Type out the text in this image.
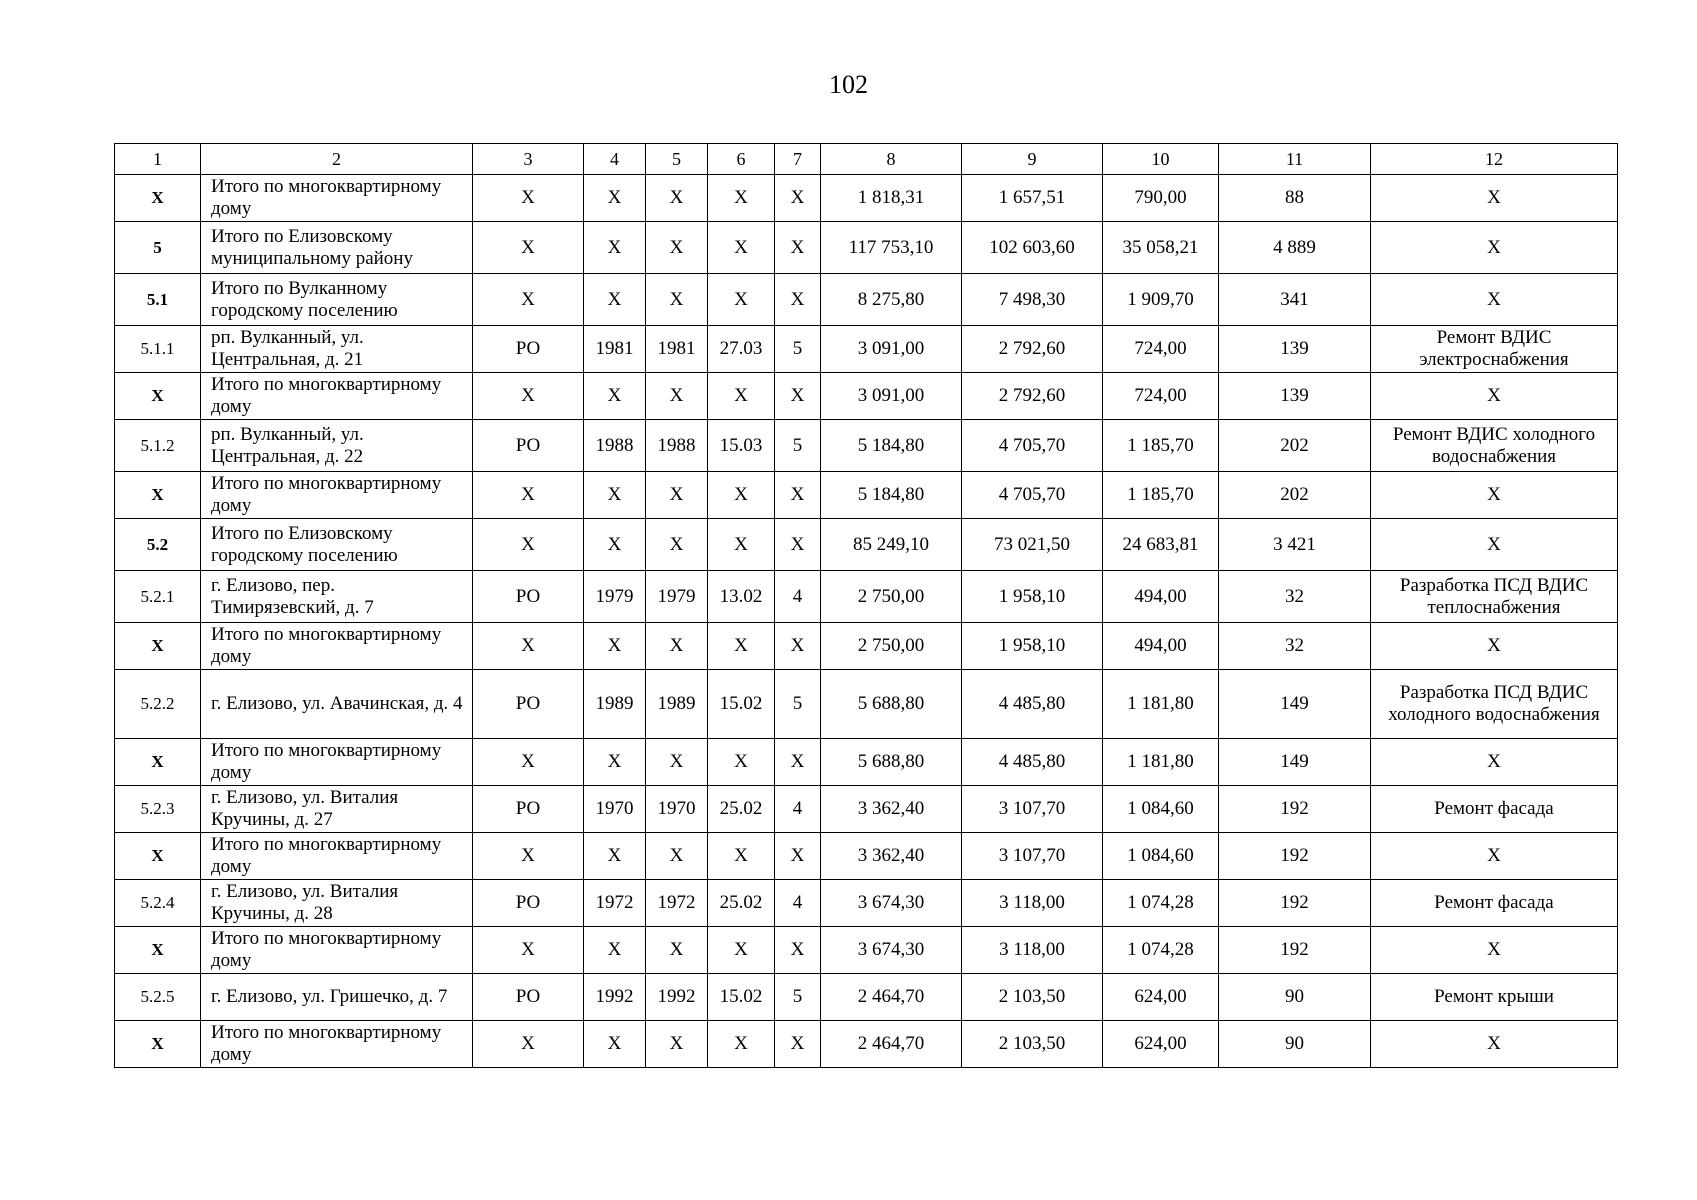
102
1	2	3	4	5	6	7	8	9	10	11	12
X	Итого по многоквартирному дому	X	X	X	X	X	1 818,31	1 657,51	790,00	88	X
5	Итого по Елизовскому муниципальному району	X	X	X	X	X	117 753,10	102 603,60	35 058,21	4 889	X
5.1	Итого по Вулканному городскому поселению	X	X	X	X	X	8 275,80	7 498,30	1 909,70	341	X
5.1.1	рп. Вулканный, ул. Центральная, д. 21	РО	1981	1981	27.03	5	3 091,00	2 792,60	724,00	139	Ремонт ВДИС электроснабжения
X	Итого по многоквартирному дому	X	X	X	X	X	3 091,00	2 792,60	724,00	139	X
5.1.2	рп. Вулканный, ул. Центральная, д. 22	РО	1988	1988	15.03	5	5 184,80	4 705,70	1 185,70	202	Ремонт ВДИС холодного водоснабжения
X	Итого по многоквартирному дому	X	X	X	X	X	5 184,80	4 705,70	1 185,70	202	X
5.2	Итого по Елизовскому городскому поселению	X	X	X	X	X	85 249,10	73 021,50	24 683,81	3 421	X
5.2.1	г. Елизово, пер. Тимирязевский, д. 7	РО	1979	1979	13.02	4	2 750,00	1 958,10	494,00	32	Разработка ПСД ВДИС теплоснабжения
X	Итого по многоквартирному дому	X	X	X	X	X	2 750,00	1 958,10	494,00	32	X
5.2.2	г. Елизово, ул. Авачинская, д. 4	РО	1989	1989	15.02	5	5 688,80	4 485,80	1 181,80	149	Разработка ПСД ВДИС холодного водоснабжения
X	Итого по многоквартирному дому	X	X	X	X	X	5 688,80	4 485,80	1 181,80	149	X
5.2.3	г. Елизово, ул. Виталия Кручины, д. 27	РО	1970	1970	25.02	4	3 362,40	3 107,70	1 084,60	192	Ремонт фасада
X	Итого по многоквартирному дому	X	X	X	X	X	3 362,40	3 107,70	1 084,60	192	X
5.2.4	г. Елизово, ул. Виталия Кручины, д. 28	РО	1972	1972	25.02	4	3 674,30	3 118,00	1 074,28	192	Ремонт фасада
X	Итого по многоквартирному дому	X	X	X	X	X	3 674,30	3 118,00	1 074,28	192	X
5.2.5	г. Елизово, ул. Гришечко, д. 7	РО	1992	1992	15.02	5	2 464,70	2 103,50	624,00	90	Ремонт крыши
X	Итого по многоквартирному дому	X	X	X	X	X	2 464,70	2 103,50	624,00	90	X
